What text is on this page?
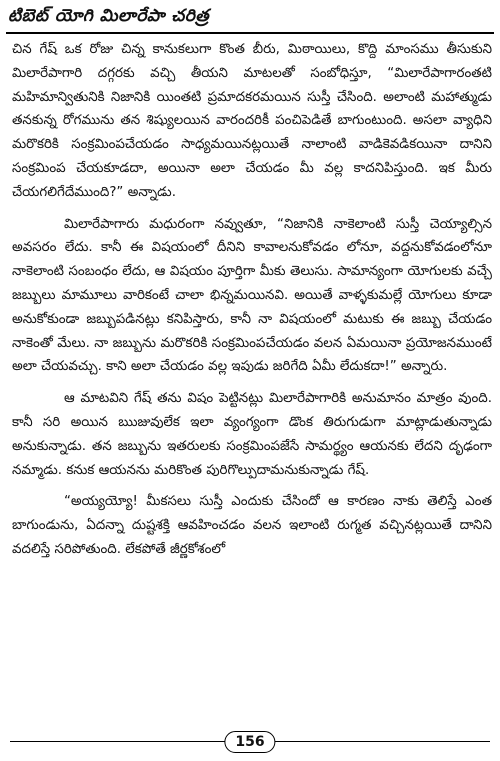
టిబెట్ యోగి మిలారేపా చరిత్ర

చిన గేష్ ఒక రోజు చిన్న కానుకలుగా కొంత బీరు, మిఠాయిలు, కొద్ది మాంసము తీసుకుని మిలారేపాగారి దగ్గరకు వచ్చి తీయని మాటలతో సంబోధిస్తూ, “మిలారేపాగారంతటి మహిమాన్వితునికి నిజానికి యింతటి ప్రమాదకరమయిన సుస్తీ చేసింది. అలాంటి మహాత్ముడు తనకున్న రోగమును తన శిష్యులయిన వారందరికీ పంచిపెడితే బాగుంటుంది. అసలా వ్యాధిని మరొకరికి సంక్రమింపచేయడం సాధ్యమయినట్లయితే నాలాంటి వాడికెవడికయినా దానిని సంక్రమింప చేయకూడదా, అయినా అలా చేయడం మీ వల్ల కాదనిపిస్తుంది. ఇక మీరు చేయగలిగేదేముంది?” అన్నాడు.

మిలారేపాగారు మధురంగా నవ్వుతూ, “నిజానికి నాకెలాంటి సుస్తీ చెయ్యాల్సిన అవసరం లేదు. కానీ ఈ విషయంలో దీనిని కావాలనుకోవడం లోనూ, వద్దనుకోవడంలోనూ నాకెలాంటి సంబంధం లేదు, ఆ విషయం పూర్తిగా మీకు తెలుసు. సామాన్యంగా యోగులకు వచ్చే జబ్బులు మామూలు వారికంటే చాలా భిన్నమయినవి. అయితే వాళ్ళకుమల్లే యోగులు కూడా అనుకోకుండా జబ్బుపడినట్లు కనిపిస్తారు, కానీ నా విషయంలో మటుకు ఈ జబ్బు చేయడం నాకెంతో మేలు. నా జబ్బును మరొకరికి సంక్రమింపచేయడం వలన ఏమయినా ప్రయోజనముంటే అలా చేయవచ్చు. కాని అలా చేయడం వల్ల ఇపుడు జరిగేది ఏమీ లేదుకదా!” అన్నారు.

ఆ మాటవిని గేష్ తను విషం పెట్టినట్లు మిలారేపాగారికి అనుమానం మాత్రం వుంది. కానీ సరి అయిన ఋజువులేక ఇలా వ్యంగ్యంగా డొంక తిరుగుడుగా మాట్లాడుతున్నాడు అనుకున్నాడు. తన జబ్బును ఇతరులకు సంక్రమింపజేసే సామర్థ్యం ఆయనకు లేదని దృఢంగా నమ్మాడు. కనుక ఆయనను మరికొంత పురిగొల్పుదామనుకున్నాడు గేష్.

“అయ్యయ్యో! మీకసలు సుస్తీ ఎందుకు చేసిందో ఆ కారణం నాకు తెలిస్తే ఎంత బాగుండును, ఏదన్నా దుష్టశక్తి ఆవహించడం వలన ఇలాంటి రుగ్మత వచ్చినట్లయితే దానిని వదలిస్తే సరిపోతుంది. లేకపోతే జీర్ణకోశంలో

156
